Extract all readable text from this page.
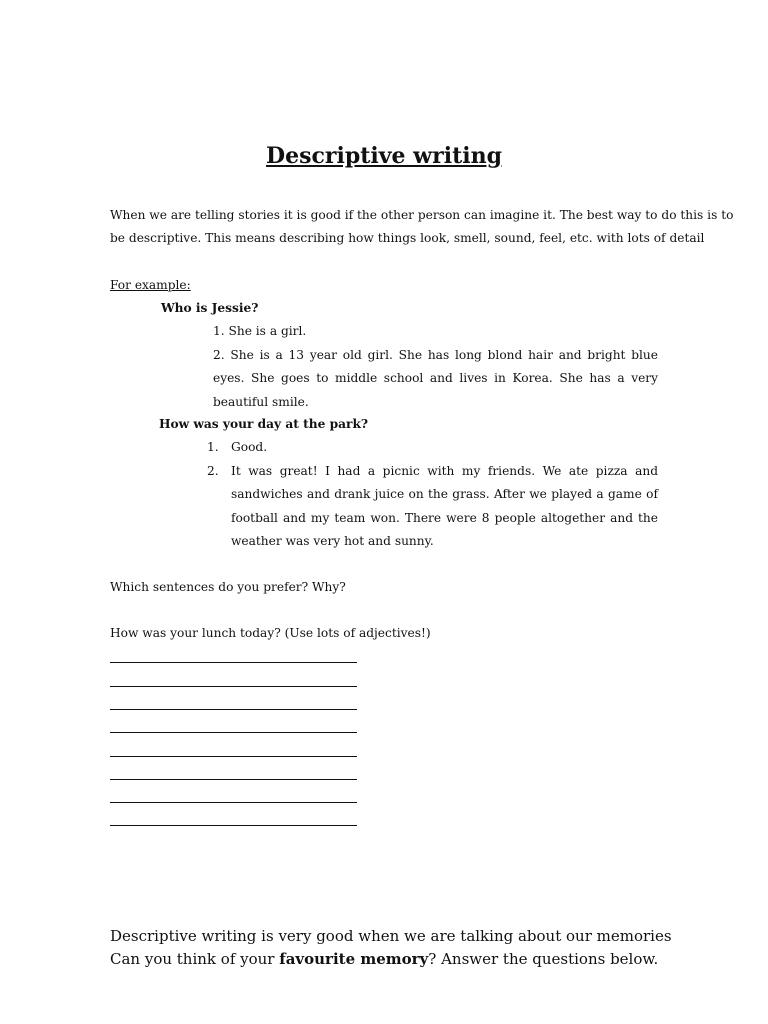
Descriptive writing
When we are telling stories it is good if the other person can imagine it. The best way to do this is to
be descriptive. This means describing how things look, smell, sound, feel, etc. with lots of detail
For example:
Who is Jessie?
1. She is a girl.
2. She is a 13 year old girl. She has long blond hair and bright blue eyes. She goes to middle school and lives in Korea. She has a very beautiful smile.
How was your day at the park?
1. Good.
2. It was great! I had a picnic with my friends. We ate pizza and sandwiches and drank juice on the grass. After we played a game of football and my team won. There were 8 people altogether and the weather was very hot and sunny.
Which sentences do you prefer? Why?
How was your lunch today? (Use lots of adjectives!)
Descriptive writing is very good when we are talking about our memories
Can you think of your favourite memory? Answer the questions below.
